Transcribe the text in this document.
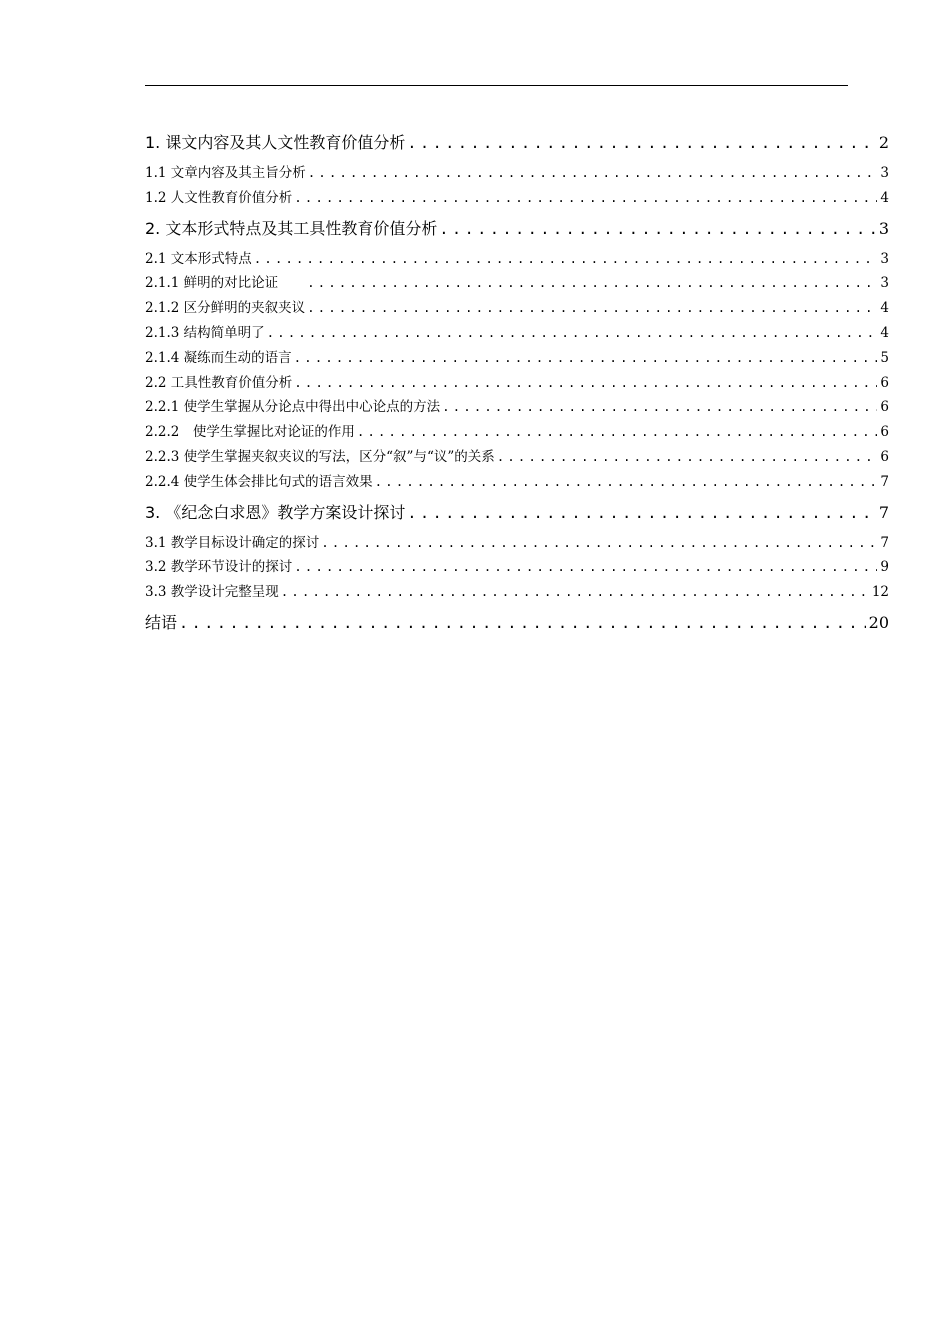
1. 课文内容及其人文性教育价值分析 .....	2
1.1 文章内容及其主旨分析 .....	3
1.2 人文性教育价值分析 .....	4
2. 文本形式特点及其工具性教育价值分析 .....	3
2.1 文本形式特点 .....	3
2.1.1 鲜明的对比论证　　 .....	3
2.1.2 区分鲜明的夹叙夹议 .....	4
2.1.3 结构简单明了 .....	4
2.1.4 凝练而生动的语言 .....	5
2.2 工具性教育价值分析 .....	6
2.2.1 使学生掌握从分论点中得出中心论点的方法 .....	6
2.2.2　使学生掌握比对论证的作用 .....	6
2.2.3 使学生掌握夹叙夹议的写法，区分“叙”与“议”的关系 .....	6
2.2.4 使学生体会排比句式的语言效果 .....	7
3. 《纪念白求恩》教学方案设计探讨 .....	7
3.1 教学目标设计确定的探讨 .....	7
3.2 教学环节设计的探讨 .....	9
3.3 教学设计完整呈现 .....	12
结语 .....	20
